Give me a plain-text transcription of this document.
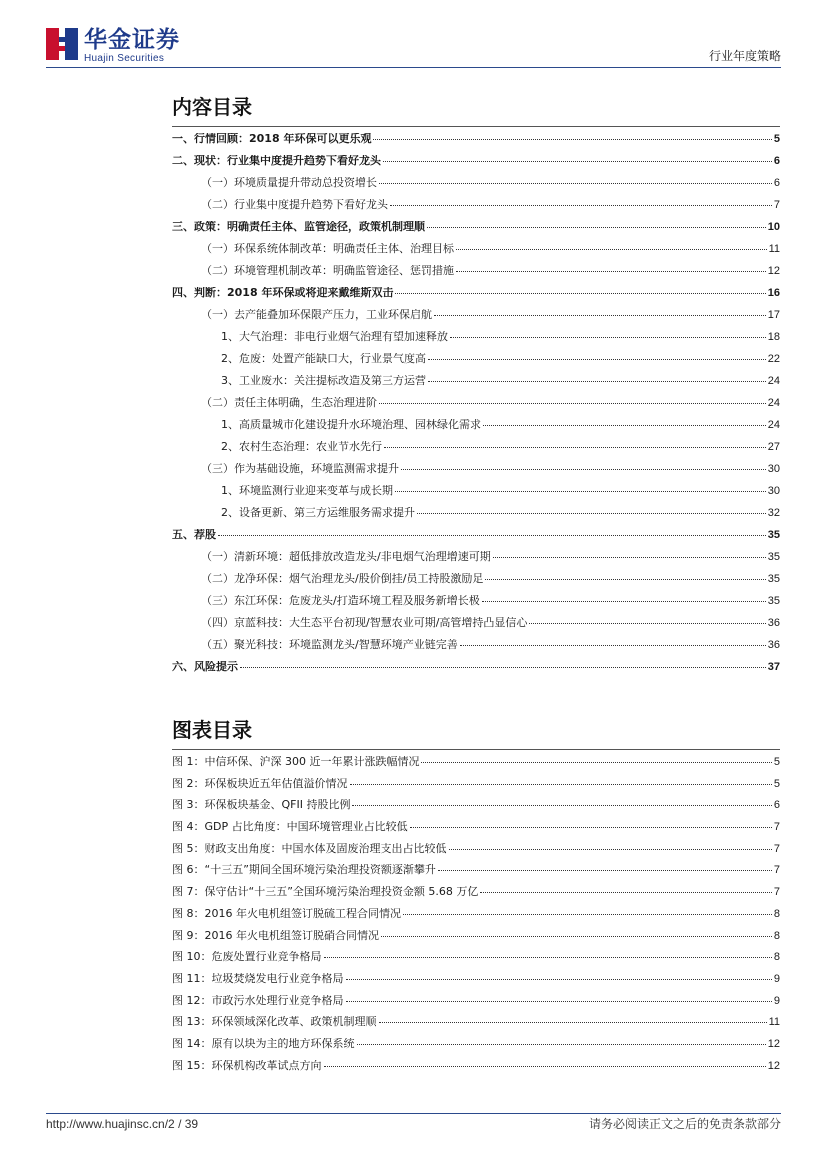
华金证券
Huajin Securities	行业年度策略
内容目录
一、行情回顾：2018 年环保可以更乐观	5
二、现状：行业集中度提升趋势下看好龙头	6
（一）环境质量提升带动总投资增长	6
（二）行业集中度提升趋势下看好龙头	7
三、政策：明确责任主体、监管途径，政策机制理顺	10
（一）环保系统体制改革：明确责任主体、治理目标	11
（二）环境管理机制改革：明确监管途径、惩罚措施	12
四、判断：2018 年环保或将迎来戴维斯双击	16
（一）去产能叠加环保限产压力，工业环保启航	17
1、大气治理：非电行业烟气治理有望加速释放	18
2、危废：处置产能缺口大，行业景气度高	22
3、工业废水：关注提标改造及第三方运营	24
（二）责任主体明确，生态治理进阶	24
1、高质量城市化建设提升水环境治理、园林绿化需求	24
2、农村生态治理：农业节水先行	27
（三）作为基础设施，环境监测需求提升	30
1、环境监测行业迎来变革与成长期	30
2、设备更新、第三方运维服务需求提升	32
五、荐股	35
（一）清新环境：超低排放改造龙头/非电烟气治理增速可期	35
（二）龙净环保：烟气治理龙头/股价倒挂/员工持股激励足	35
（三）东江环保：危废龙头/打造环境工程及服务新增长极	35
（四）京蓝科技：大生态平台初现/智慧农业可期/高管增持凸显信心	36
（五）聚光科技：环境监测龙头/智慧环境产业链完善	36
六、风险提示	37
图表目录
图 1：中信环保、沪深 300 近一年累计涨跌幅情况	5
图 2：环保板块近五年估值溢价情况	5
图 3：环保板块基金、QFII 持股比例	6
图 4：GDP 占比角度：中国环境管理业占比较低	7
图 5：财政支出角度：中国水体及固废治理支出占比较低	7
图 6：“十三五”期间全国环境污染治理投资额逐渐攀升	7
图 7：保守估计“十三五”全国环境污染治理投资金额 5.68 万亿	7
图 8：2016 年火电机组签订脱硫工程合同情况	8
图 9：2016 年火电机组签订脱硝合同情况	8
图 10：危废处置行业竞争格局	8
图 11：垃圾焚烧发电行业竞争格局	9
图 12：市政污水处理行业竞争格局	9
图 13：环保领域深化改革、政策机制理顺	11
图 14：原有以块为主的地方环保系统	12
图 15：环保机构改革试点方向	12
http://www.huajinsc.cn/2 / 39	请务必阅读正文之后的免责条款部分
